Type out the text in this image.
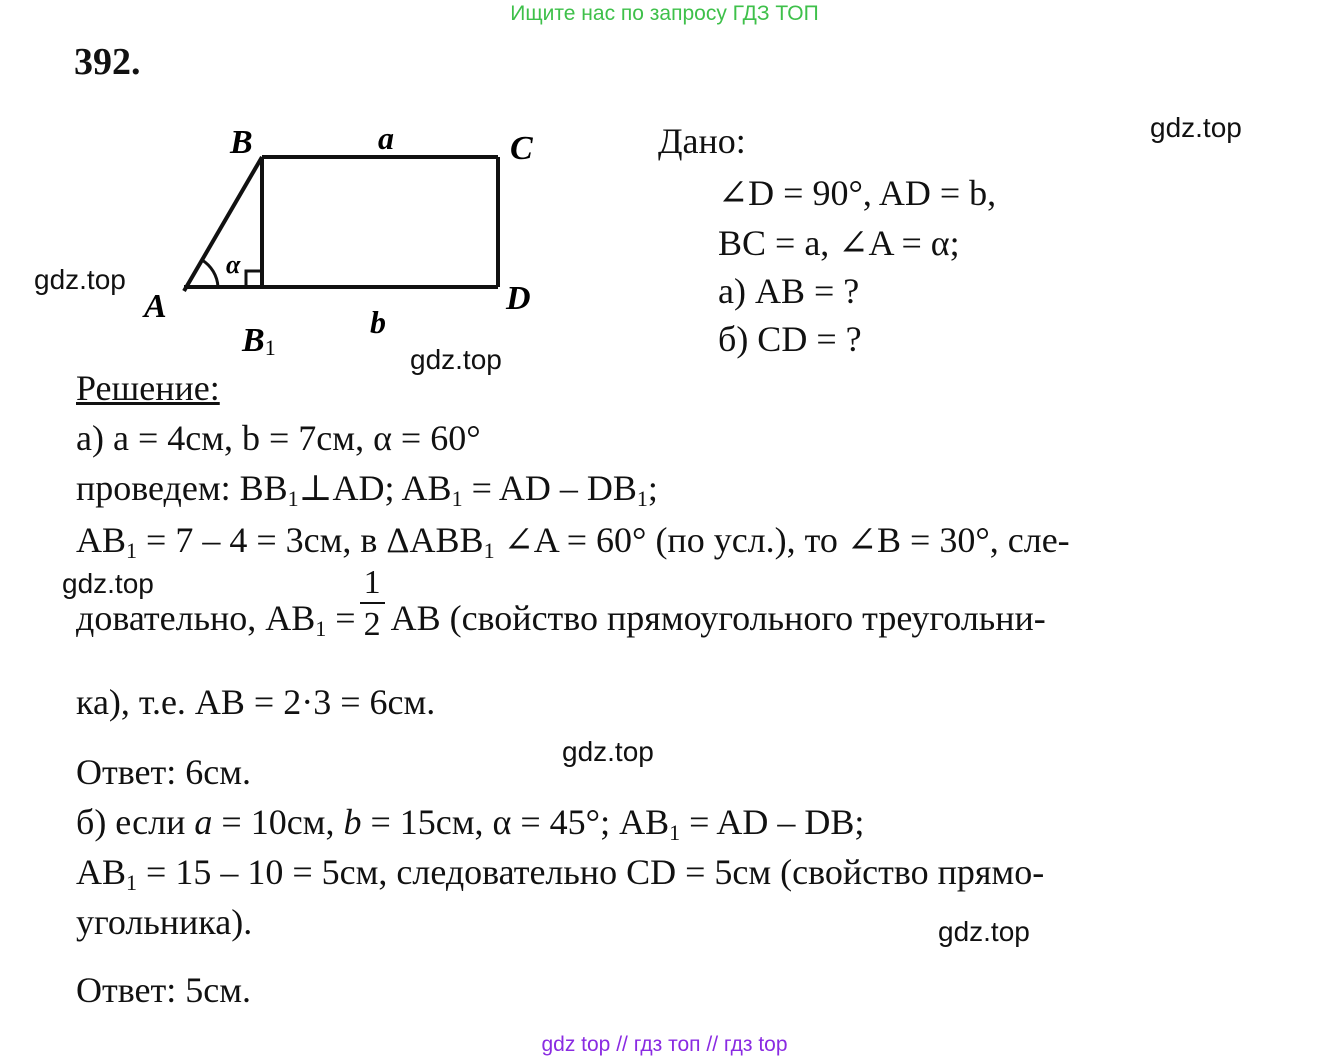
Ищите нас по запросу ГДЗ ТОП
392.
B	a	C
α
A	D
b
B1
Дано:
∠D = 90°, AD = b,
BC = a, ∠A = α;
а) AB = ?
б) CD = ?
Решение:
а) a = 4см, b = 7см, α = 60°
проведем: $BB_1\perp AD$; $AB_1$ = AD – $DB_1$;
$AB_1 = 7 - 4 = 3см$, в $\Delta ABB_1$ ∠A = 60° (по усл.), то ∠B = 30°, сле-
довательно, $AB_1 = \frac{1}{2}$ AB (свойство прямоугольного треугольни-
ка), т.е. AB = 2·3 = 6см.
Ответ: 6см.
б) если a = 10см, b = 15см, α = 45°; $AB_1$ = AD – DB;
$AB_1 = 15 - 10 = 5см$, следовательно CD = 5см (свойство прямо-
угольника).
Ответ: 5см.
gdz.top
gdz.top
gdz.top
gdz.top
gdz.top
gdz.top
gdz top // гдз топ // гдз top
